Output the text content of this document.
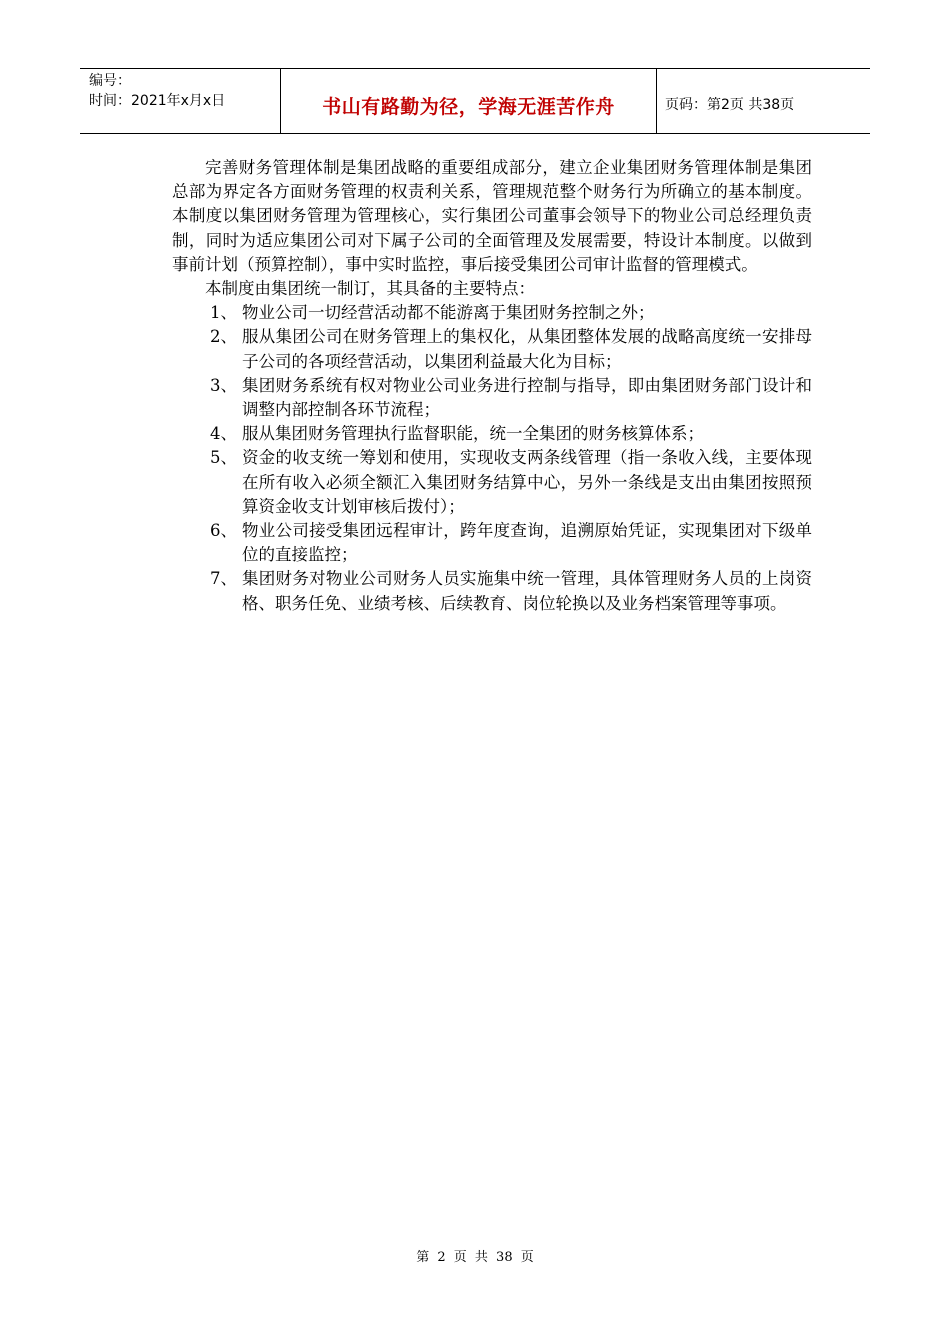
编号：
时间：2021年x月x日	书山有路勤为径，学海无涯苦作舟	页码：第2页 共38页

完善财务管理体制是集团战略的重要组成部分，建立企业集团财务管理体制是集团总部为界定各方面财务管理的权责利关系，管理规范整个财务行为所确立的基本制度。本制度以集团财务管理为管理核心，实行集团公司董事会领导下的物业公司总经理负责制，同时为适应集团公司对下属子公司的全面管理及发展需要，特设计本制度。以做到事前计划（预算控制），事中实时监控，事后接受集团公司审计监督的管理模式。

本制度由集团统一制订，其具备的主要特点：

1、 物业公司一切经营活动都不能游离于集团财务控制之外；
2、 服从集团公司在财务管理上的集权化，从集团整体发展的战略高度统一安排母子公司的各项经营活动，以集团利益最大化为目标；
3、 集团财务系统有权对物业公司业务进行控制与指导，即由集团财务部门设计和调整内部控制各环节流程；
4、 服从集团财务管理执行监督职能，统一全集团的财务核算体系；
5、 资金的收支统一筹划和使用，实现收支两条线管理（指一条收入线，主要体现在所有收入必须全额汇入集团财务结算中心，另外一条线是支出由集团按照预算资金收支计划审核后拨付）；
6、 物业公司接受集团远程审计，跨年度查询，追溯原始凭证，实现集团对下级单位的直接监控；
7、 集团财务对物业公司财务人员实施集中统一管理，具体管理财务人员的上岗资格、职务任免、业绩考核、后续教育、岗位轮换以及业务档案管理等事项。
第 2 页 共 38 页
